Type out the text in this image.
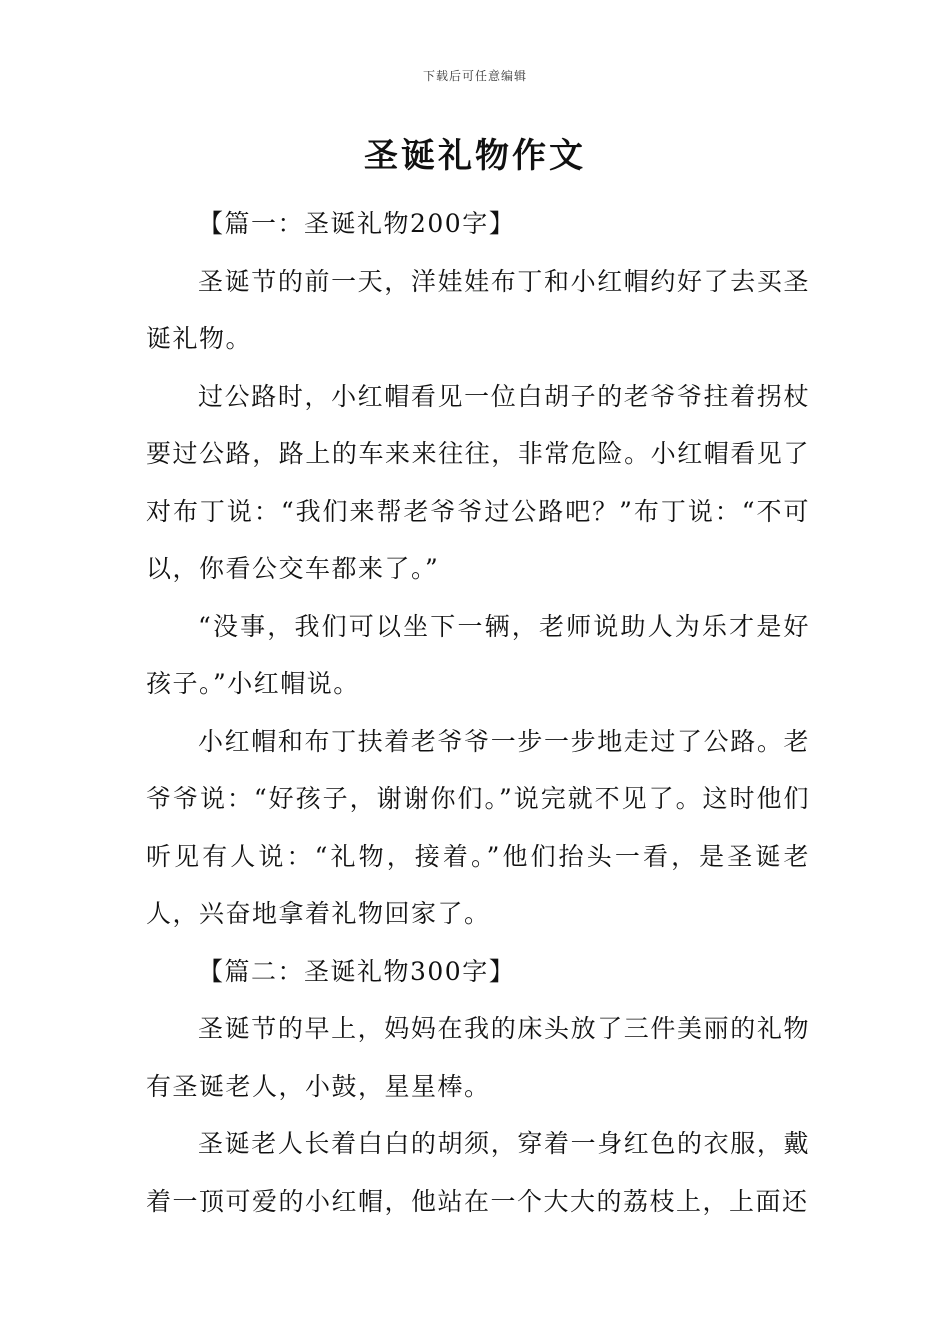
下载后可任意编辑
圣诞礼物作文

【篇一：圣诞礼物200字】

圣诞节的前一天，洋娃娃布丁和小红帽约好了去买圣诞礼物。

过公路时，小红帽看见一位白胡子的老爷爷拄着拐杖要过公路，路上的车来来往往，非常危险。小红帽看见了对布丁说：“我们来帮老爷爷过公路吧？”布丁说：“不可以，你看公交车都来了。”

“没事，我们可以坐下一辆，老师说助人为乐才是好孩子。”小红帽说。

小红帽和布丁扶着老爷爷一步一步地走过了公路。老爷爷说：“好孩子，谢谢你们。”说完就不见了。这时他们听见有人说：“礼物，接着。”他们抬头一看，是圣诞老人，兴奋地拿着礼物回家了。

【篇二：圣诞礼物300字】

圣诞节的早上，妈妈在我的床头放了三件美丽的礼物有圣诞老人，小鼓，星星棒。

圣诞老人长着白白的胡须，穿着一身红色的衣服，戴着一顶可爱的小红帽，他站在一个大大的荔枝上，上面还
